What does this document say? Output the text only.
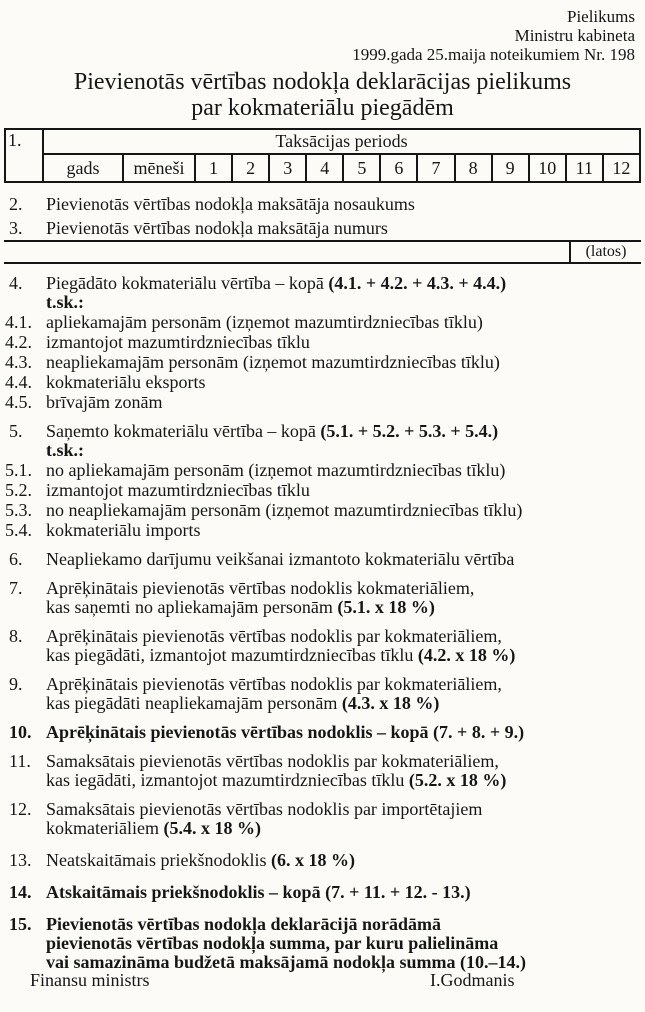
Pielikums
Ministru kabineta
1999.gada 25.maija noteikumiem Nr. 198
Pievienotās vērtības nodokļa deklarācijas pielikums
par kokmateriālu piegādēm
1.	Taksācijas periods													
	gads	mēneši	1	2	3	4	5	6	7	8	9	10	11	12
2.	Pievienotās vērtības nodokļa maksātāja nosaukums
3.	Pievienotās vērtības nodokļa maksātāja numurs
(latos)
4.	Piegādāto kokmateriālu vērtība – kopā (4.1. + 4.2. + 4.3. + 4.4.)
t.sk.:
4.1. apliekamajām personām (izņemot mazumtirdzniecības tīklu)
4.2. izmantojot mazumtirdzniecības tīklu
4.3. neapliekamajām personām (izņemot mazumtirdzniecības tīklu)
4.4. kokmateriālu eksports
4.5. brīvajām zonām
5.	Saņemto kokmateriālu vērtība – kopā (5.1. + 5.2. + 5.3. + 5.4.)
t.sk.:
5.1. no apliekamajām personām (izņemot mazumtirdzniecības tīklu)
5.2. izmantojot mazumtirdzniecības tīklu
5.3. no neapliekamajām personām (izņemot mazumtirdzniecības tīklu)
5.4. kokmateriālu imports
6.	Neapliekamo darījumu veikšanai izmantoto kokmateriālu vērtība
7.	Aprēķinātais pievienotās vērtības nodoklis kokmateriāliem,
kas saņemti no apliekamajām personām (5.1. x 18 %)
8.	Aprēķinātais pievienotās vērtības nodoklis par kokmateriāliem,
kas piegādāti, izmantojot mazumtirdzniecības tīklu (4.2. x 18 %)
9.	Aprēķinātais pievienotās vērtības nodoklis par kokmateriāliem,
kas piegādāti neapliekamajām personām (4.3. x 18 %)
10. Aprēķinātais pievienotās vērtības nodoklis – kopā (7. + 8. + 9.)
11. Samaksātais pievienotās vērtības nodoklis par kokmateriāliem,
kas iegādāti, izmantojot mazumtirdzniecības tīklu (5.2. x 18 %)
12. Samaksātais pievienotās vērtības nodoklis par importētajiem
kokmateriāliem (5.4. x 18 %)
13. Neatskaitāmais priekšnodoklis (6. x 18 %)
14. Atskaitāmais priekšnodoklis – kopā (7. + 11. + 12. - 13.)
15. Pievienotās vērtības nodokļa deklarācijā norādāmā
pievienotās vērtības nodokļa summa, par kuru palielināma
vai samazināma budžetā maksājamā nodokļa summa (10.–14.)
Finansu ministrs	I.Godmanis
